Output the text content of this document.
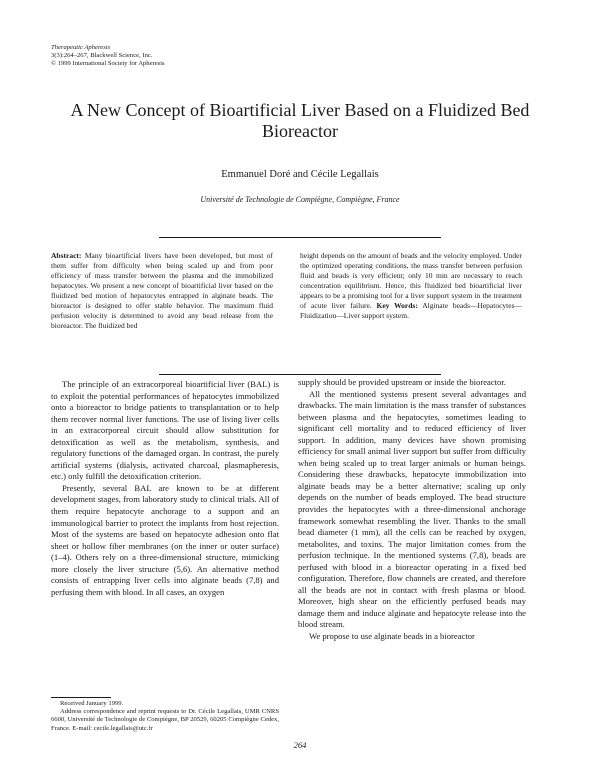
Therapeutic Apheresis
3(3):264–267, Blackwell Science, Inc.
© 1999 International Society for Apheresis
A New Concept of Bioartificial Liver Based on a Fluidized Bed Bioreactor
Emmanuel Doré and Cécile Legallais
Université de Technologie de Compiègne, Compiègne, France
Abstract: Many bioartificial livers have been developed, but most of them suffer from difficulty when being scaled up and from poor efficiency of mass transfer between the plasma and the immobilized hepatocytes. We present a new concept of bioartificial liver based on the fluidized bed motion of hepatocytes entrapped in alginate beads. The bioreactor is designed to offer stable behavior. The maximum fluid perfusion velocity is determined to avoid any bead release from the bioreactor. The fluidized bed
height depends on the amount of beads and the velocity employed. Under the optimized operating conditions, the mass transfer between perfusion fluid and beads is very efficient; only 10 min are necessary to reach concentration equilibrium. Hence, this fluidized bed bioartificial liver appears to be a promising tool for a liver support system in the treatment of acute liver failure. Key Words: Alginate beads—Hepatocytes—Fluidization—Liver support system.

The principle of an extracorporeal bioartificial liver (BAL) is to exploit the potential performances of hepatocytes immobilized onto a bioreactor to bridge patients to transplantation or to help them recover normal liver functions. The use of living liver cells in an extracorporeal circuit should allow substitution for detoxification as well as the metabolism, synthesis, and regulatory functions of the damaged organ. In contrast, the purely artificial systems (dialysis, activated charcoal, plasmapheresis, etc.) only fulfill the detoxification criterion.

Presently, several BAL are known to be at different development stages, from laboratory study to clinical trials. All of them require hepatocyte anchorage to a support and an immunological barrier to protect the implants from host rejection. Most of the systems are based on hepatocyte adhesion onto flat sheet or hollow fiber membranes (on the inner or outer surface) (1–4). Others rely on a three-dimensional structure, mimicking more closely the liver structure (5,6). An alternative method consists of entrapping liver cells into alginate beads (7,8) and perfusing them with blood. In all cases, an oxygen

supply should be provided upstream or inside the bioreactor.

All the mentioned systems present several advantages and drawbacks. The main limitation is the mass transfer of substances between plasma and the hepatocytes, sometimes leading to significant cell mortality and to reduced efficiency of liver support. In addition, many devices have shown promising efficiency for small animal liver support but suffer from difficulty when being scaled up to treat larger animals or human beings. Considering these drawbacks, hepatocyte immobilization into alginate beads may be a better alternative; scaling up only depends on the number of beads employed. The bead structure provides the hepatocytes with a three-dimensional anchorage framework somewhat resembling the liver. Thanks to the small bead diameter (1 mm), all the cells can be reached by oxygen, metabolites, and toxins. The major limitation comes from the perfusion technique. In the mentioned systems (7,8), beads are perfused with blood in a bioreactor operating in a fixed bed configuration. Therefore, flow channels are created, and therefore all the beads are not in contact with fresh plasma or blood. Moreover, high shear on the efficiently perfused beads may damage them and induce alginate and hepatocyte release into the blood stream.

We propose to use alginate beads in a bioreactor

Received January 1999.

Address correspondence and reprint requests to Dr. Cécile Legallais, UMR CNRS 6600, Université de Technologie de Compiègne, BP 20529, 60205 Compiègne Cedex, France. E-mail: cecile.legallais@utc.fr

264
